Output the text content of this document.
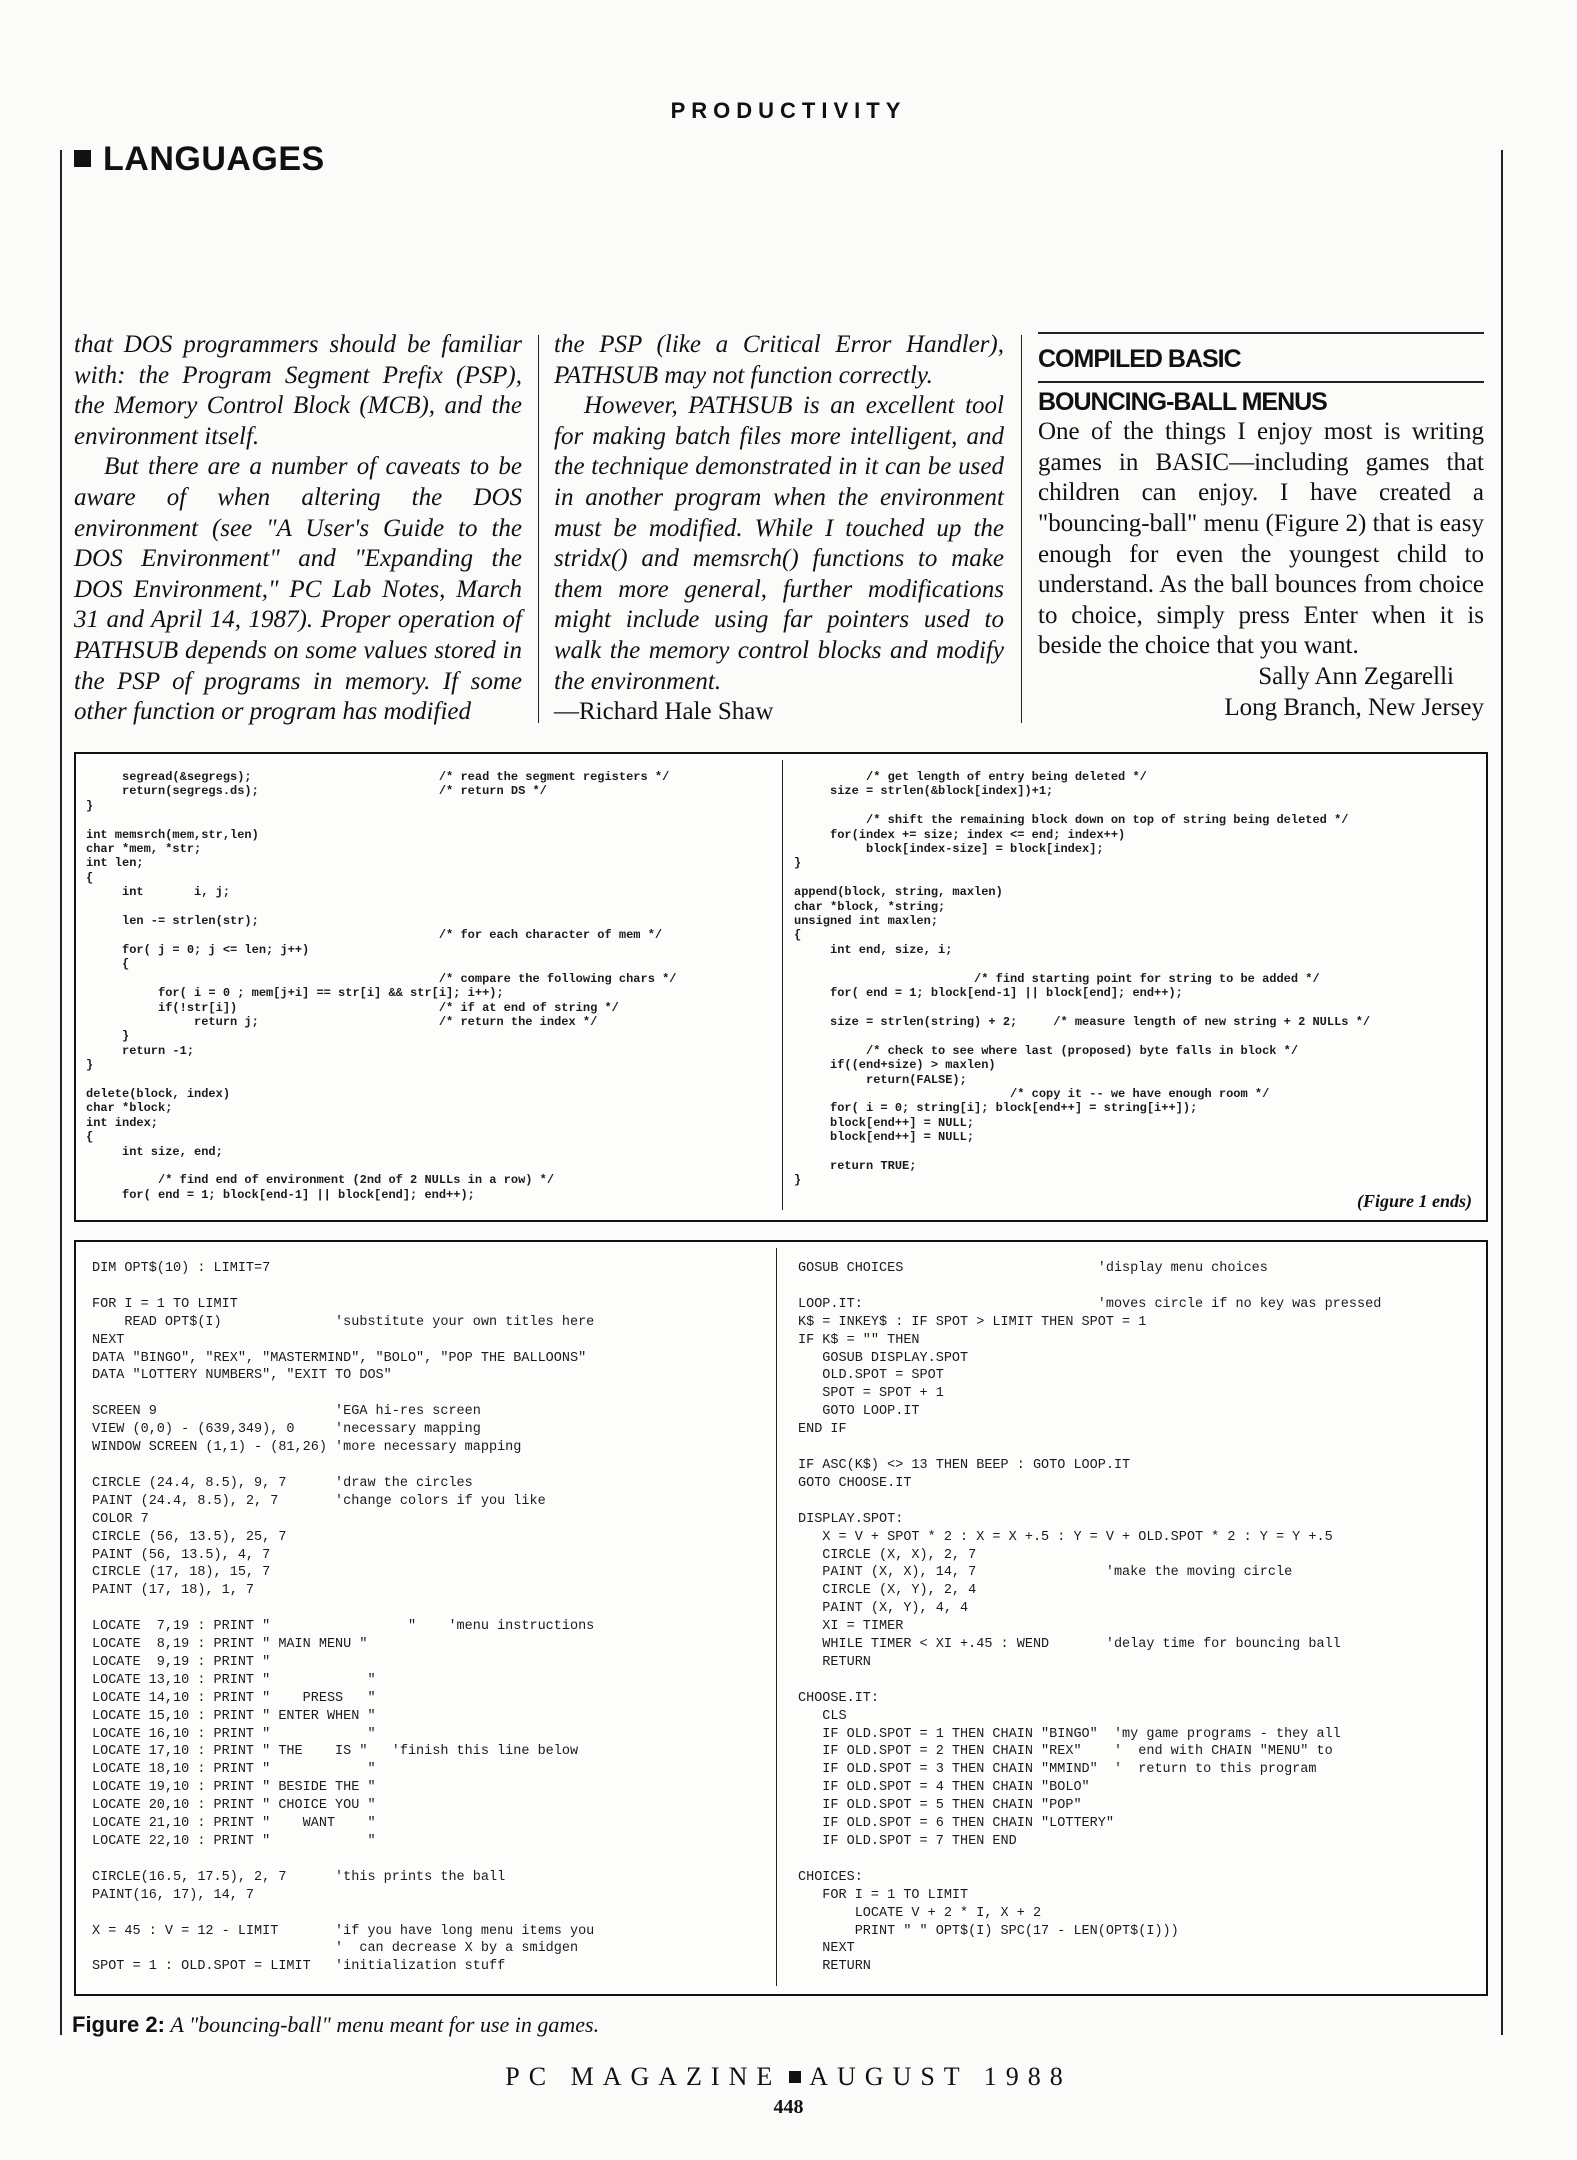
PRODUCTIVITY
LANGUAGES

that DOS programmers should be familiar with: the Program Segment Prefix (PSP), the Memory Control Block (MCB), and the environment itself.

But there are a number of caveats to be aware of when altering the DOS environment (see "A User's Guide to the DOS Environment" and "Expanding the DOS Environment," PC Lab Notes, March 31 and April 14, 1987). Proper operation of PATHSUB depends on some values stored in the PSP of programs in memory. If some other function or program has modified

the PSP (like a Critical Error Handler), PATHSUB may not function correctly.

However, PATHSUB is an excellent tool for making batch files more intelligent, and the technique demonstrated in it can be used in another program when the environment must be modified. While I touched up the stridx() and memsrch() functions to make them more general, further modifications might include using far pointers used to walk the memory control blocks and modify the environment.

—Richard Hale Shaw

COMPILED BASIC
BOUNCING-BALL MENUS

One of the things I enjoy most is writing games in BASIC—including games that children can enjoy. I have created a "bouncing-ball" menu (Figure 2) that is easy enough for even the youngest child to understand. As the ball bounces from choice to choice, simply press Enter when it is beside the choice that you want.

Sally Ann Zegarelli
Long Branch, New Jersey
segread(&segregs);                          /* read the segment registers */
return(segregs.ds);                         /* return DS */
}

int memsrch(mem,str,len)
char *mem, *str;
int len;
{
int       i, j;

len -= strlen(str);
/* for each character of mem */
for( j = 0; j <= len; j++)
{
/* compare the following chars */
for( i = 0 ; mem[j+i] == str[i] && str[i]; i++);
if(!str[i])                            /* if at end of string */
return j;                         /* return the index */
}
return -1;
}

delete(block, index)
char *block;
int index;
{
int size, end;

/* find end of environment (2nd of 2 NULLs in a row) */
for( end = 1; block[end-1] || block[end]; end++);
/* get length of entry being deleted */
size = strlen(&block[index])+1;

/* shift the remaining block down on top of string being deleted */
for(index += size; index <= end; index++)
block[index-size] = block[index];
}

append(block, string, maxlen)
char *block, *string;
unsigned int maxlen;
{
int end, size, i;

/* find starting point for string to be added */
for( end = 1; block[end-1] || block[end]; end++);

size = strlen(string) + 2;     /* measure length of new string + 2 NULLs */

/* check to see where last (proposed) byte falls in block */
if((end+size) > maxlen)
return(FALSE);
/* copy it -- we have enough room */
for( i = 0; string[i]; block[end++] = string[i++]);
block[end++] = NULL;
block[end++] = NULL;

return TRUE;
}
(Figure 1 ends)
DIM OPT$(10) : LIMIT=7

FOR I = 1 TO LIMIT
READ OPT$(I)              'substitute your own titles here
NEXT
DATA "BINGO", "REX", "MASTERMIND", "BOLO", "POP THE BALLOONS"
DATA "LOTTERY NUMBERS", "EXIT TO DOS"

SCREEN 9                      'EGA hi-res screen
VIEW (0,0) - (639,349), 0     'necessary mapping
WINDOW SCREEN (1,1) - (81,26) 'more necessary mapping

CIRCLE (24.4, 8.5), 9, 7      'draw the circles
PAINT (24.4, 8.5), 2, 7       'change colors if you like
COLOR 7
CIRCLE (56, 13.5), 25, 7
PAINT (56, 13.5), 4, 7
CIRCLE (17, 18), 15, 7
PAINT (17, 18), 1, 7

LOCATE  7,19 : PRINT "                 "    'menu instructions
LOCATE  8,19 : PRINT " MAIN MENU "
LOCATE  9,19 : PRINT "
LOCATE 13,10 : PRINT "            "
LOCATE 14,10 : PRINT "    PRESS   "
LOCATE 15,10 : PRINT " ENTER WHEN "
LOCATE 16,10 : PRINT "            "
LOCATE 17,10 : PRINT " THE    IS "   'finish this line below
LOCATE 18,10 : PRINT "            "
LOCATE 19,10 : PRINT " BESIDE THE "
LOCATE 20,10 : PRINT " CHOICE YOU "
LOCATE 21,10 : PRINT "    WANT    "
LOCATE 22,10 : PRINT "            "

CIRCLE(16.5, 17.5), 2, 7      'this prints the ball
PAINT(16, 17), 14, 7

X = 45 : V = 12 - LIMIT       'if you have long menu items you
'  can decrease X by a smidgen
SPOT = 1 : OLD.SPOT = LIMIT   'initialization stuff
GOSUB CHOICES                        'display menu choices

LOOP.IT:                             'moves circle if no key was pressed
K$ = INKEY$ : IF SPOT > LIMIT THEN SPOT = 1
IF K$ = "" THEN
GOSUB DISPLAY.SPOT
OLD.SPOT = SPOT
SPOT = SPOT + 1
GOTO LOOP.IT
END IF

IF ASC(K$) <> 13 THEN BEEP : GOTO LOOP.IT
GOTO CHOOSE.IT

DISPLAY.SPOT:
X = V + SPOT * 2 : X = X +.5 : Y = V + OLD.SPOT * 2 : Y = Y +.5
CIRCLE (X, X), 2, 7
PAINT (X, X), 14, 7                'make the moving circle
CIRCLE (X, Y), 2, 4
PAINT (X, Y), 4, 4
XI = TIMER
WHILE TIMER < XI +.45 : WEND       'delay time for bouncing ball
RETURN

CHOOSE.IT:
CLS
IF OLD.SPOT = 1 THEN CHAIN "BINGO"  'my game programs - they all
IF OLD.SPOT = 2 THEN CHAIN "REX"    '  end with CHAIN "MENU" to
IF OLD.SPOT = 3 THEN CHAIN "MMIND"  '  return to this program
IF OLD.SPOT = 4 THEN CHAIN "BOLO"
IF OLD.SPOT = 5 THEN CHAIN "POP"
IF OLD.SPOT = 6 THEN CHAIN "LOTTERY"
IF OLD.SPOT = 7 THEN END

CHOICES:
FOR I = 1 TO LIMIT
LOCATE V + 2 * I, X + 2
PRINT " " OPT$(I) SPC(17 - LEN(OPT$(I)))
NEXT
RETURN
Figure 2: A "bouncing-ball" menu meant for use in games.
PC MAGAZINE AUGUST 1988
448
